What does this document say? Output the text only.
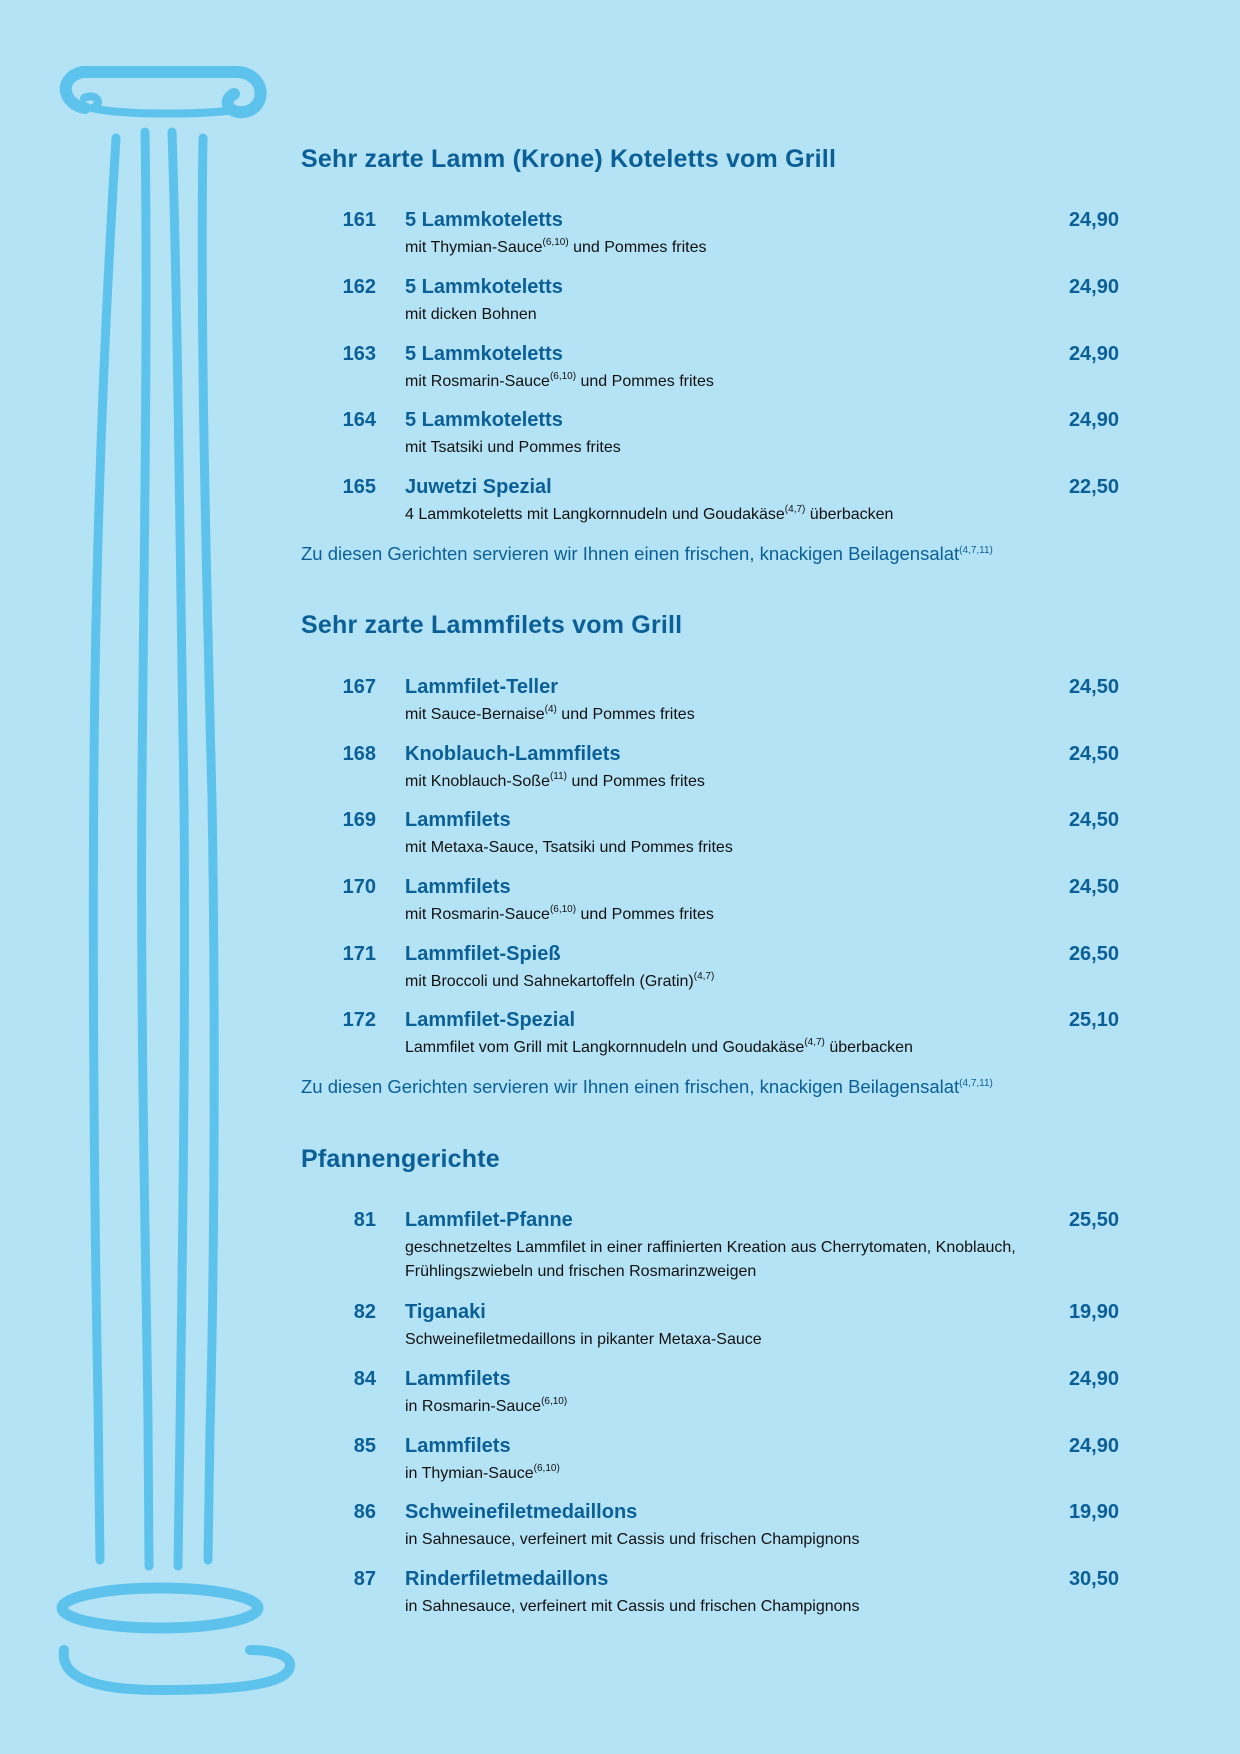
Sehr zarte Lamm (Krone) Koteletts vom Grill
161 5 Lammkoteletts	24,90
mit Thymian-Sauce$^{(6,10)}$ und Pommes frites
162 5 Lammkoteletts	24,90
mit dicken Bohnen
163 5 Lammkoteletts	24,90
mit Rosmarin-Sauce$^{(6,10)}$ und Pommes frites
164 5 Lammkoteletts	24,90
mit Tsatsiki und Pommes frites
165 Juwetzi Spezial	22,50
4 Lammkoteletts mit Langkornnudeln und Goudakäse$^{(4,7)}$ überbacken
Zu diesen Gerichten servieren wir Ihnen einen frischen, knackigen Beilagensalat$^{(4,7,11)}$
Sehr zarte Lammfilets vom Grill
167 Lammfilet-Teller	24,50
mit Sauce-Bernaise$^{(4)}$ und Pommes frites
168 Knoblauch-Lammfilets	24,50
mit Knoblauch-Soße$^{(11)}$ und Pommes frites
169 Lammfilets	24,50
mit Metaxa-Sauce, Tsatsiki und Pommes frites
170 Lammfilets	24,50
mit Rosmarin-Sauce$^{(6,10)}$ und Pommes frites
171 Lammfilet-Spieß	26,50
mit Broccoli und Sahnekartoffeln (Gratin)$^{(4,7)}$
172 Lammfilet-Spezial	25,10
Lammfilet vom Grill mit Langkornnudeln und Goudakäse$^{(4,7)}$ überbacken
Zu diesen Gerichten servieren wir Ihnen einen frischen, knackigen Beilagensalat$^{(4,7,11)}$
Pfannengerichte
81 Lammfilet-Pfanne	25,50
geschnetzeltes Lammfilet in einer raffinierten Kreation aus Cherrytomaten, Knoblauch, Frühlingszwiebeln und frischen Rosmarinzweigen
82 Tiganaki	19,90
Schweinefiletmedaillons in pikanter Metaxa-Sauce
84 Lammfilets	24,90
in Rosmarin-Sauce$^{(6,10)}$
85 Lammfilets	24,90
in Thymian-Sauce$^{(6,10)}$
86 Schweinefiletmedaillons	19,90
in Sahnesauce, verfeinert mit Cassis und frischen Champignons
87 Rinderfiletmedaillons	30,50
in Sahnesauce, verfeinert mit Cassis und frischen Champignons
